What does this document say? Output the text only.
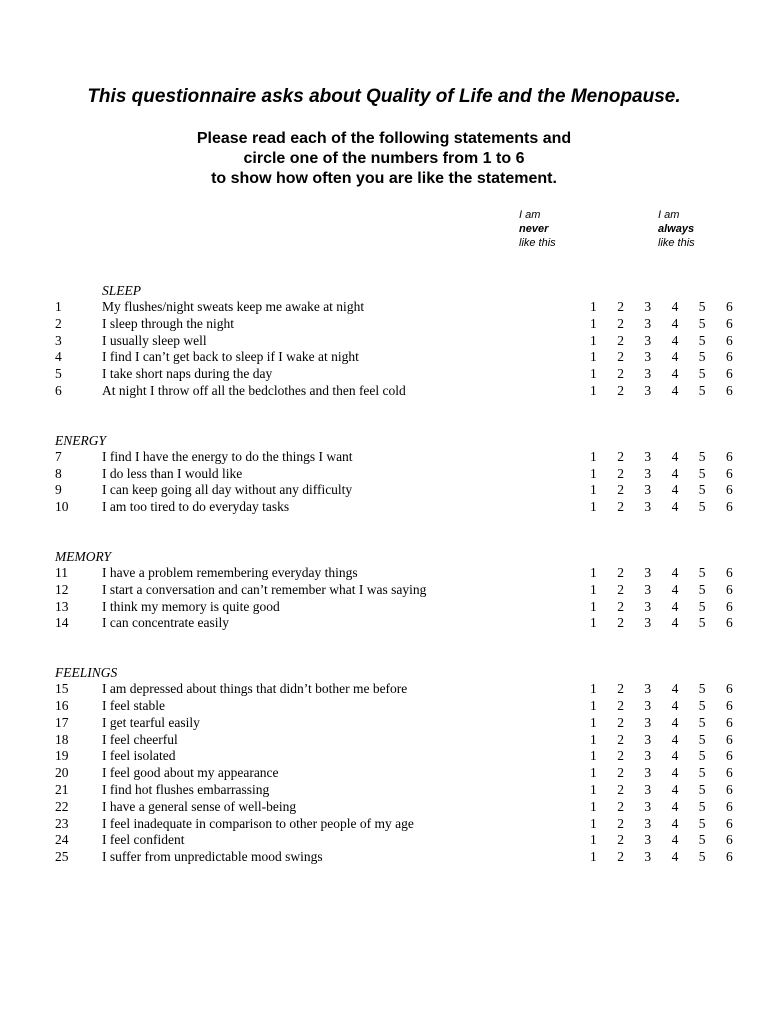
This questionnaire asks about Quality of Life and the Menopause.
Please read each of the following statements and
circle one of the numbers from 1 to 6
to show how often you are like the statement.
I am
never
like this
I am
always
like this
SLEEP
1	My flushes/night sweats keep me awake at night	1	2	3	4	5	6
2	I sleep through the night	1	2	3	4	5	6
3	I usually sleep well	1	2	3	4	5	6
4	I find I can’t get back to sleep if I wake at night	1	2	3	4	5	6
5	I take short naps during the day	1	2	3	4	5	6
6	At night I throw off all the bedclothes and then feel cold	1	2	3	4	5	6
ENERGY
7	I find I have the energy to do the things I want	1	2	3	4	5	6
8	I do less than I would like	1	2	3	4	5	6
9	I can keep going all day without any difficulty	1	2	3	4	5	6
10	I am too tired to do everyday tasks	1	2	3	4	5	6
MEMORY
11	I have a problem remembering everyday things	1	2	3	4	5	6
12	I start a conversation and can’t remember what I was saying	1	2	3	4	5	6
13	I think my memory is quite good	1	2	3	4	5	6
14	I can concentrate easily	1	2	3	4	5	6
FEELINGS
15	I am depressed about things that didn’t bother me before	1	2	3	4	5	6
16	I feel stable	1	2	3	4	5	6
17	I get tearful easily	1	2	3	4	5	6
18	I feel cheerful	1	2	3	4	5	6
19	I feel isolated	1	2	3	4	5	6
20	I feel good about my appearance	1	2	3	4	5	6
21	I find hot flushes embarrassing	1	2	3	4	5	6
22	I have a general sense of well-being	1	2	3	4	5	6
23	I feel inadequate in comparison to other people of my age	1	2	3	4	5	6
24	I feel confident	1	2	3	4	5	6
25	I suffer from unpredictable mood swings	1	2	3	4	5	6
